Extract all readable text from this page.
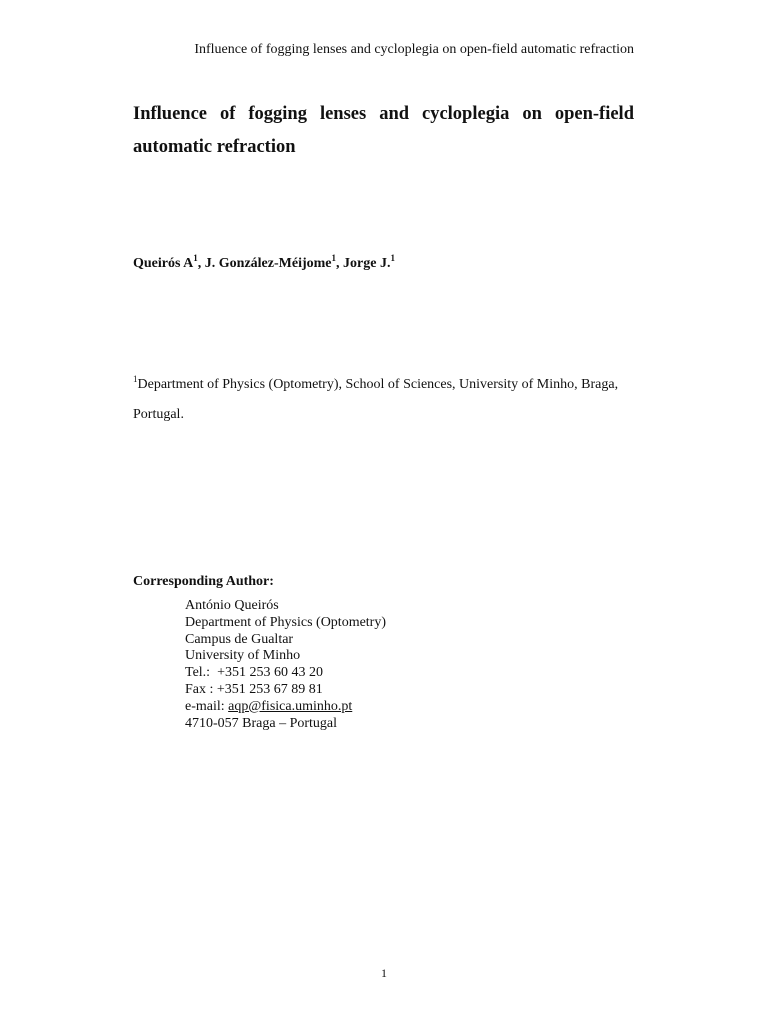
Influence of fogging lenses and cycloplegia on open-field automatic refraction
Influence of fogging lenses and cycloplegia on open-field automatic refraction
Queirós $A^1$, J. González-Méijome$^1$, Jorge J.$^1$
$^1$Department of Physics (Optometry), School of Sciences, University of Minho, Braga, Portugal.
Corresponding Author:
António Queirós
Department of Physics (Optometry)
Campus de Gualtar
University of Minho
Tel.:  +351 253 60 43 20
Fax : +351 253 67 89 81
e-mail: aqp@fisica.uminho.pt
4710-057 Braga – Portugal
1
